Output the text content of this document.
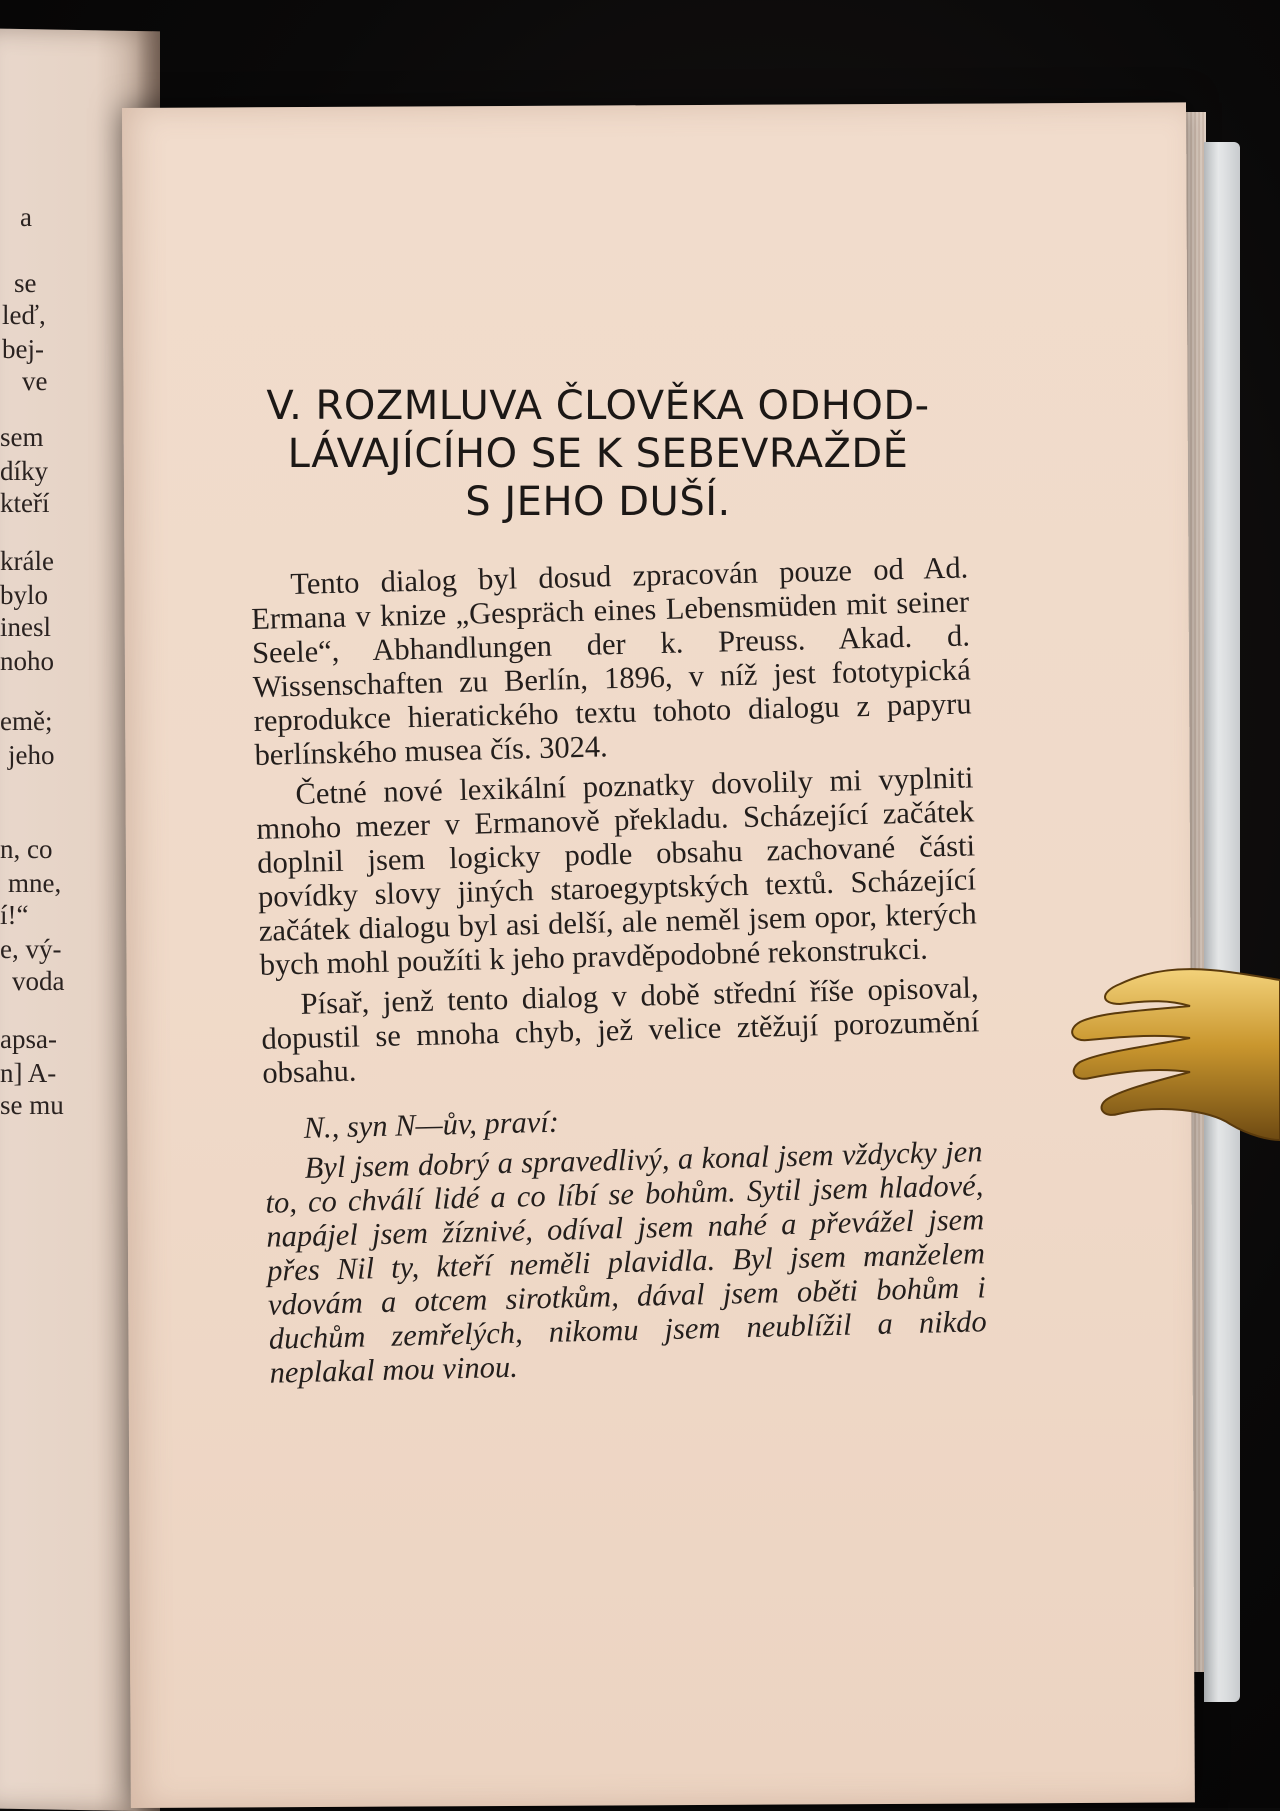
a
se
leď,
bej-
ve
sem
díky
kteří
krále
bylo
inesl
noho
emě;
jeho
n, co
mne,
í!“
e, vý-
voda
apsa-
n] A-
se mu
V. ROZMLUVA ČLOVĚKA ODHOD-
LÁVAJÍCÍHO SE K SEBEVRAŽDĚ
S JEHO DUŠÍ.

Tento dialog byl dosud zpracován pouze od Ad. Ermana v knize „Gespräch eines Lebensmüden mit seiner Seele“, Abhandlungen der k. Preuss. Akad. d. Wissenschaften zu Berlín, 1896, v níž jest fototypická reprodukce hieratického textu tohoto dialogu z papyru berlínského musea čís. 3024.

Četné nové lexikální poznatky dovolily mi vyplniti mnoho mezer v Ermanově překladu. Scházející začátek doplnil jsem logicky podle obsahu zachované části povídky slovy jiných staroegyptských textů. Scházející začátek dialogu byl asi delší, ale neměl jsem opor, kterých bych mohl použíti k jeho pravděpodobné rekonstrukci.

Písař, jenž tento dialog v době střední říše opisoval, dopustil se mnoha chyb, jež velice ztěžují porozumění obsahu.

N., syn N—ův, praví:

Byl jsem dobrý a spravedlivý, a konal jsem vždycky jen to, co chválí lidé a co líbí se bohům. Sytil jsem hladové, napájel jsem žíznivé, odíval jsem nahé a převážel jsem přes Nil ty, kteří neměli plavidla. Byl jsem manželem vdovám a otcem sirotkům, dával jsem oběti bohům i duchům zemřelých, nikomu jsem neublížil a nikdo neplakal mou vinou.
